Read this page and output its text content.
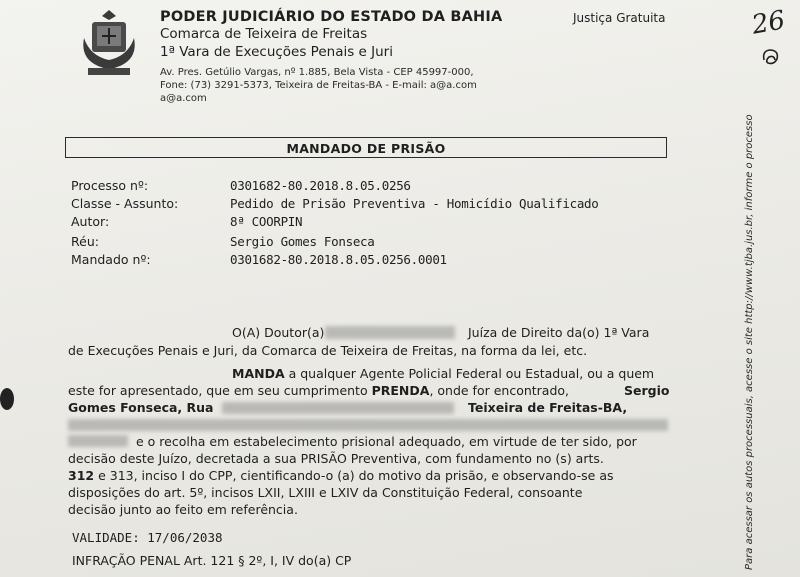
PODER JUDICIÁRIO DO ESTADO DA BAHIA
Comarca de Teixeira de Freitas
1ª Vara de Execuções Penais e Juri
Av. Pres. Getúlio Vargas, nº 1.885, Bela Vista - CEP 45997-000,
Fone: (73) 3291-5373, Teixeira de Freitas-BA - E-mail: a@a.com
a@a.com
Justiça Gratuita	26
MANDADO DE PRISÃO
Processo nº:	0301682-80.2018.8.05.0256
Classe - Assunto:	Pedido de Prisão Preventiva - Homicídio Qualificado
Autor:	8ª COORPIN
Réu:	Sergio Gomes Fonseca
Mandado nº:	0301682-80.2018.8.05.0256.0001
O(A) Doutor(a)	Juíza de Direito da(o) 1ª Vara
de Execuções Penais e Juri, da Comarca de Teixeira de Freitas, na forma da lei, etc.
MANDA a qualquer Agente Policial Federal ou Estadual, ou a quem
este for apresentado, que em seu cumprimento PRENDA, onde for encontrado,	Sergio
Gomes Fonseca, Rua	Teixeira de Freitas-BA,
e o recolha em estabelecimento prisional adequado, em virtude de ter sido, por
decisão deste Juízo, decretada a sua PRISÃO Preventiva, com fundamento no (s) arts.
312 e 313, inciso I do CPP, cientificando-o (a) do motivo da prisão, e observando-se as
disposições do art. 5º, incisos LXII, LXIII e LXIV da Constituição Federal, consoante
decisão junto ao feito em referência.
VALIDADE: 17/06/2038
INFRAÇÃO PENAL Art. 121 § 2º, I, IV do(a) CP	Para acessar os autos processuais, acesse o site http://www.tjba.jus.br, informe o processo
